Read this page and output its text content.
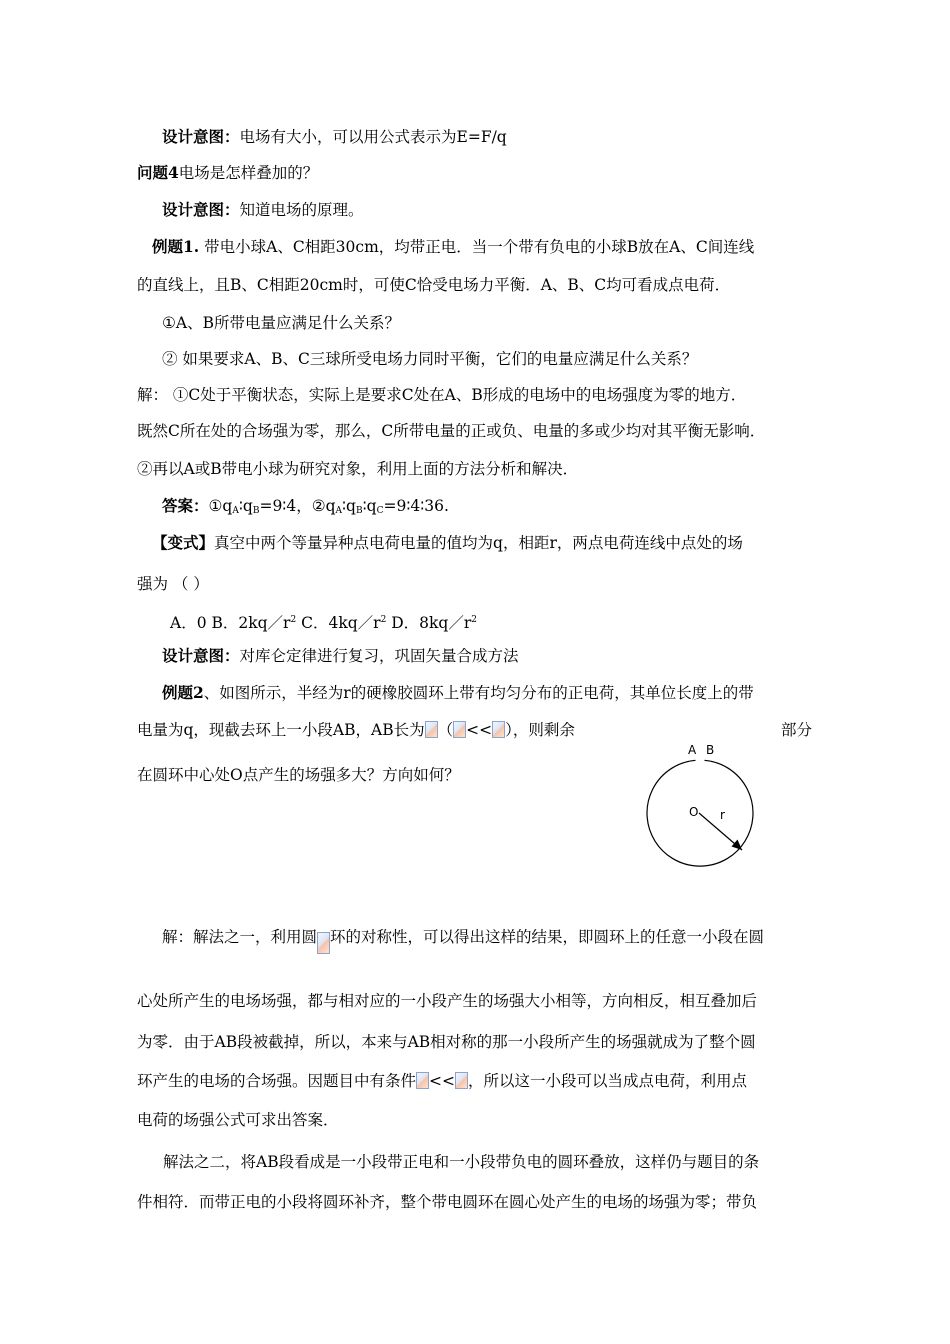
设计意图：电场有大小，可以用公式表示为E=F/q
问题4电场是怎样叠加的？
设计意图：知道电场的原理。
例题1. 带电小球A、C相距30cm，均带正电．当一个带有负电的小球B放在A、C间连线
的直线上，且B、C相距20cm时，可使C恰受电场力平衡．A、B、C均可看成点电荷．
①A、B所带电量应满足什么关系？
② 如果要求A、B、C三球所受电场力同时平衡，它们的电量应满足什么关系？
解： ①C处于平衡状态，实际上是要求C处在A、B形成的电场中的电场强度为零的地方．
既然C所在处的合场强为零，那么，C所带电量的正或负、电量的多或少均对其平衡无影响．
②再以A或B带电小球为研究对象，利用上面的方法分析和解决．
答案：$①q_A∶q_B=9∶4$，$②q_A∶q_B∶q_C=9∶4∶36$.
【变式】真空中两个等量异种点电荷电量的值均为q，相距r，两点电荷连线中点处的场
强为 （ ）
A．0 B．$2kq/r^2$ C．$4kq/r^2$ D．$8kq/r^2$
设计意图：对库仑定律进行复习，巩固矢量合成方法
例题2、如图所示，半经为r的硬橡胶圆环上带有均匀分布的正电荷，其单位长度上的带
电量为q，现截去环上一小段AB，AB长为 （ << ），则剩余	部分
在圆环中心处O点产生的场强多大？方向如何？
A B
O r
解：解法之一，利用圆 环的对称性，可以得出这样的结果，即圆环上的任意一小段在圆
心处所产生的电场场强，都与相对应的一小段产生的场强大小相等，方向相反，相互叠加后
为零．由于AB段被截掉，所以，本来与AB相对称的那一小段所产生的场强就成为了整个圆
环产生的电场的合场强。因题目中有条件 << ，所以这一小段可以当成点电荷，利用点
电荷的场强公式可求出答案．
解法之二，将AB段看成是一小段带正电和一小段带负电的圆环叠放，这样仍与题目的条
件相符．而带正电的小段将圆环补齐，整个带电圆环在圆心处产生的电场的场强为零；带负
